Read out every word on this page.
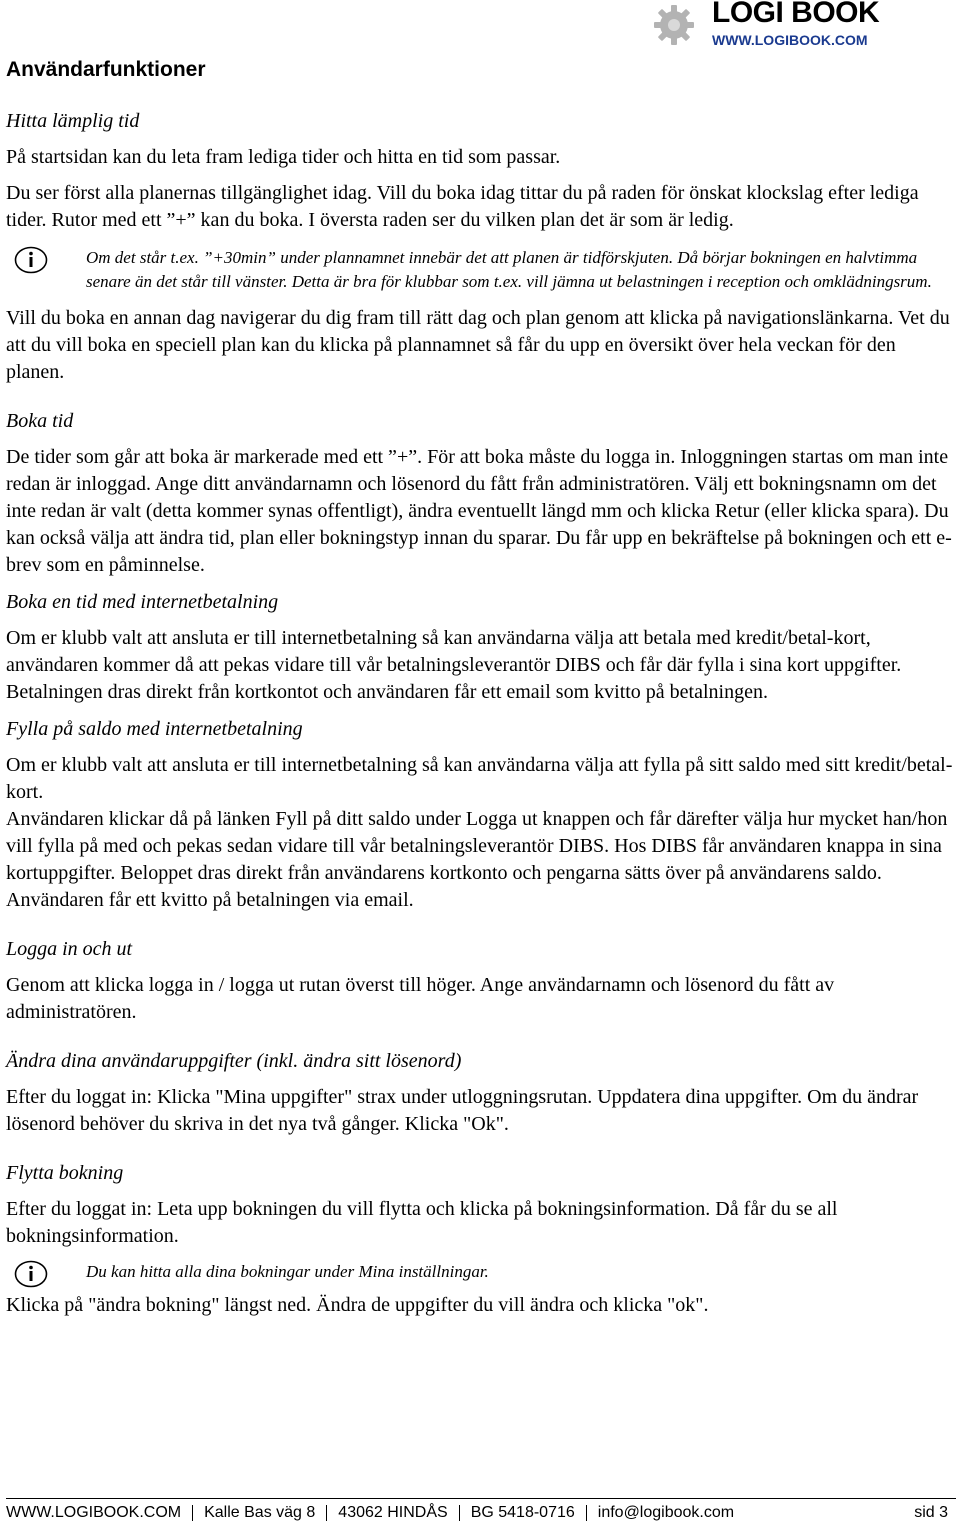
LOGI BOOK
WWW.LOGIBOOK.COM
Användarfunktioner

Hitta lämplig tid

På startsidan kan du leta fram lediga tider och hitta en tid som passar.

Du ser först alla planernas tillgänglighet idag. Vill du boka idag tittar du på raden för önskat klockslag efter lediga tider. Rutor med ett ”+” kan du boka. I översta raden ser du vilken plan det är som är ledig.

Om det står t.ex. ”+30min” under plannamnet innebär det att planen är tidförskjuten. Då börjar bokningen en halvtimma senare än det står till vänster. Detta är bra för klubbar som t.ex. vill jämna ut belastningen i reception och omklädningsrum.

Vill du boka en annan dag navigerar du dig fram till rätt dag och plan genom att klicka på navigationslänkarna. Vet du att du vill boka en speciell plan kan du klicka på plannamnet så får du upp en översikt över hela veckan för den planen.

Boka tid

De tider som går att boka är markerade med ett ”+”. För att boka måste du logga in. Inloggningen startas om man inte redan är inloggad. Ange ditt användarnamn och lösenord du fått från administratören. Välj ett bokningsnamn om det inte redan är valt (detta kommer synas offentligt), ändra eventuellt längd mm och klicka Retur (eller klicka spara). Du kan också välja att ändra tid, plan eller bokningstyp innan du sparar. Du får upp en bekräftelse på bokningen och ett e-brev som en påminnelse.

Boka en tid med internetbetalning

Om er klubb valt att ansluta er till internetbetalning så kan användarna välja att betala med kredit/betal-kort, användaren kommer då att pekas vidare till vår betalningsleverantör DIBS och får där fylla i sina kort uppgifter. Betalningen dras direkt från kortkontot och användaren får ett email som kvitto på betalningen.

Fylla på saldo med internetbetalning

Om er klubb valt att ansluta er till internetbetalning så kan användarna välja att fylla på sitt saldo med sitt kredit/betal-kort.

Användaren klickar då på länken Fyll på ditt saldo under Logga ut knappen och får därefter välja hur mycket han/hon vill fylla på med och pekas sedan vidare till vår betalningsleverantör DIBS. Hos DIBS får användaren knappa in sina kortuppgifter. Beloppet dras direkt från användarens kortkonto och pengarna sätts över på användarens saldo. Användaren får ett kvitto på betalningen via email.

Logga in och ut

Genom att klicka logga in / logga ut rutan överst till höger. Ange användarnamn och lösenord du fått av administratören.

Ändra dina användaruppgifter (inkl. ändra sitt lösenord)

Efter du loggat in: Klicka "Mina uppgifter" strax under utloggningsrutan. Uppdatera dina uppgifter. Om du ändrar lösenord behöver du skriva in det nya två gånger. Klicka "Ok".

Flytta bokning

Efter du loggat in: Leta upp bokningen du vill flytta och klicka på bokningsinformation. Då får du se all bokningsinformation.

Du kan hitta alla dina bokningar under Mina inställningar.

Klicka på "ändra bokning" längst ned. Ändra de uppgifter du vill ändra och klicka "ok".

WWW.LOGIBOOK.COM Kalle Bas väg 8 43062 HINDÅS BG 5418-0716 info@logibook.com	sid 3
